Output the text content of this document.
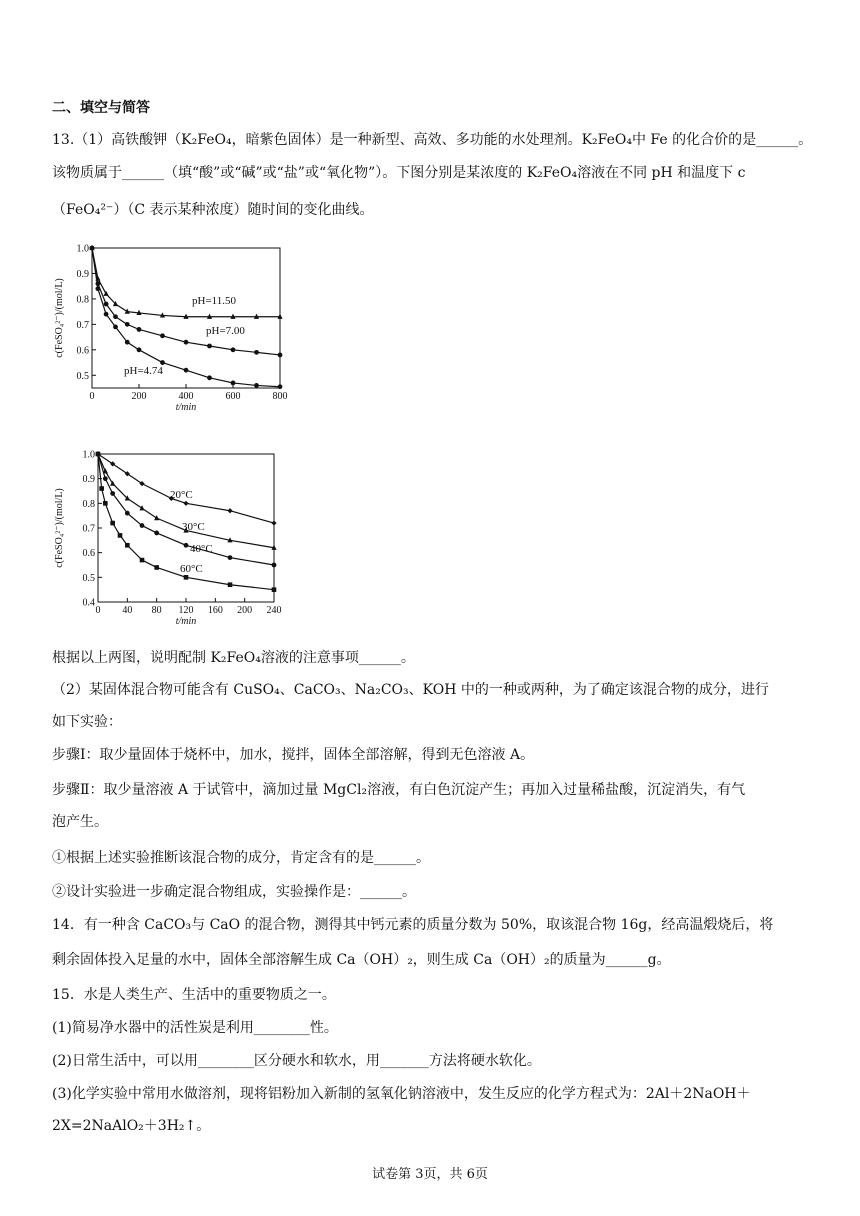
二、填空与简答
13.（1）高铁酸钾（K₂FeO₄，暗紫色固体）是一种新型、高效、多功能的水处理剂。K₂FeO₄中 Fe 的化合价的是______。
该物质属于______（填“酸”或“碱”或“盐”或“氧化物”）。下图分别是某浓度的 K₂FeO₄溶液在不同 pH 和温度下 c
（FeO₄²⁻）（C 表示某种浓度）随时间的变化曲线。
0	200	400	600	800
1.0
0.9
0.8
0.7
0.6
0.5
t/min
c(FeSO₄²⁻)/(mol/L)	pH=11.50
pH=7.00
pH=4.74
0 40 80 120 160 200 240
1.0
0.9
0.8
0.7
0.6
0.5
0.4
t/min
c(FeSO₄²⁻)/(mol/L)	20°C
30°C
40°C
60°C
根据以上两图，说明配制 K₂FeO₄溶液的注意事项______。
（2）某固体混合物可能含有 CuSO₄、CaCO₃、Na₂CO₃、KOH 中的一种或两种，为了确定该混合物的成分，进行
如下实验：
步骤Ⅰ：取少量固体于烧杯中，加水，搅拌，固体全部溶解，得到无色溶液 A。
步骤Ⅱ：取少量溶液 A 于试管中，滴加过量 MgCl₂溶液，有白色沉淀产生；再加入过量稀盐酸，沉淀消失，有气
泡产生。
①根据上述实验推断该混合物的成分，肯定含有的是______。
②设计实验进一步确定混合物组成，实验操作是：______。
14．有一种含 CaCO₃与 CaO 的混合物，测得其中钙元素的质量分数为 50%，取该混合物 16g，经高温煅烧后，将
剩余固体投入足量的水中，固体全部溶解生成 Ca（OH）₂，则生成 Ca（OH）₂的质量为______g。
15．水是人类生产、生活中的重要物质之一。
(1)简易净水器中的活性炭是利用________性。
(2)日常生活中，可以用________区分硬水和软水，用_______方法将硬水软化。
(3)化学实验中常用水做溶剂，现将铝粉加入新制的氢氧化钠溶液中，发生反应的化学方程式为：2Al＋2NaOH＋
2X=2NaAlO₂＋3H₂↑。
试卷第 3页，共 6页
